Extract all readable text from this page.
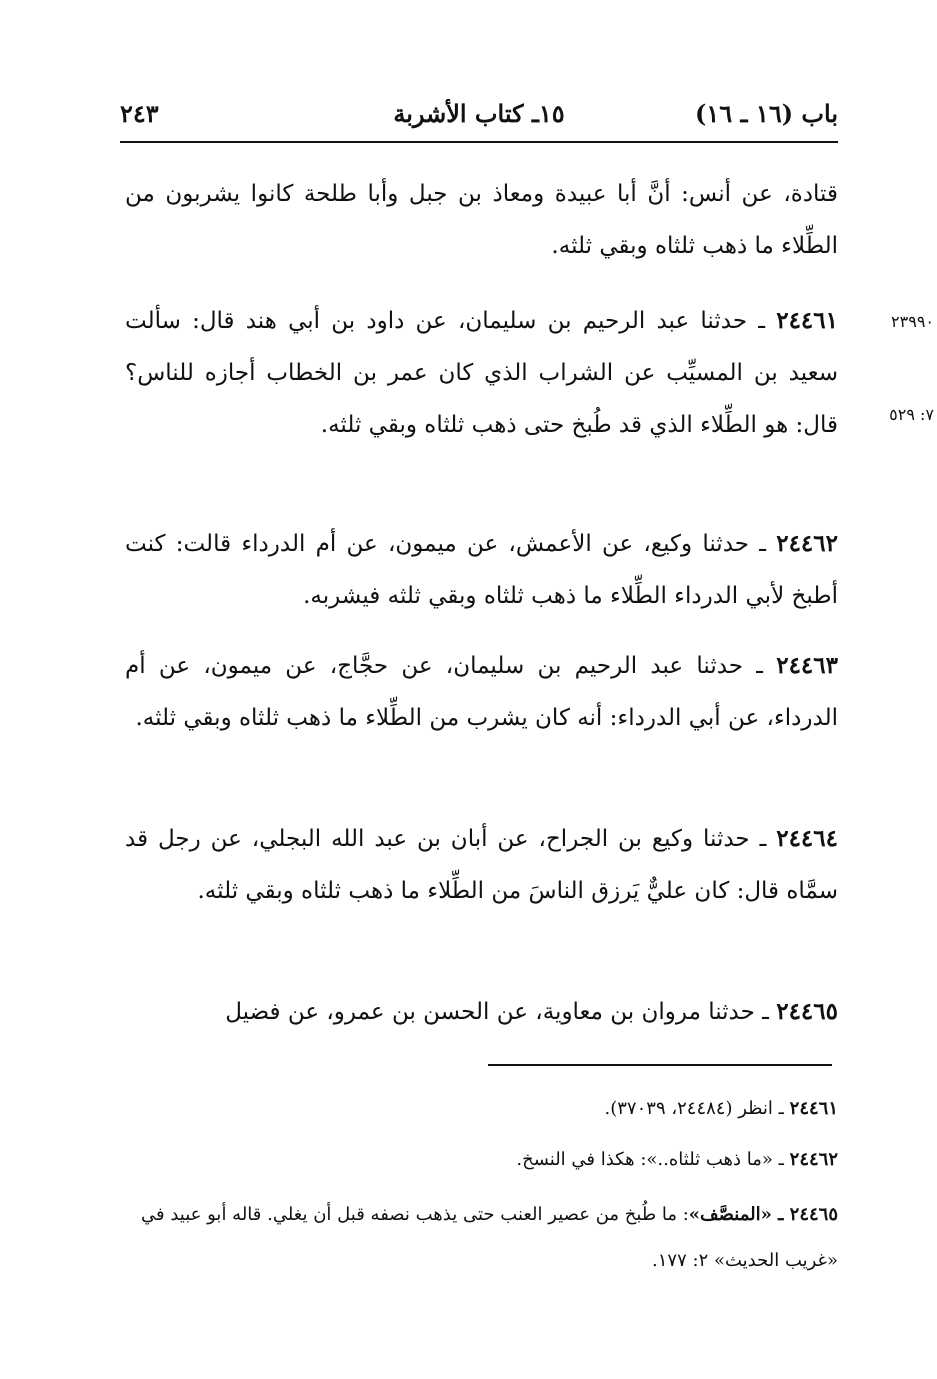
باب (١٦ ـ ١٦)
١٥ـ كتاب الأشربة
٢٤٣

قتادة، عن أنس: أنَّ أبا عبيدة ومعاذ بن جبل وأبا طلحة كانوا يشربون من الطِّلاء ما ذهب ثلثاه وبقي ثلثه.

٢٣٩٩٠

٢٤٤٦١ ـ حدثنا عبد الرحيم بن سليمان، عن داود بن أبي هند قال: سألت سعيد بن المسيِّب عن الشراب الذي كان عمر بن الخطاب أجازه للناس؟ قال: هو الطِّلاء الذي قد طُبخ حتى ذهب ثلثاه وبقي ثلثه.	٧: ٥٢٩

٢٤٤٦٢ ـ حدثنا وكيع، عن الأعمش، عن ميمون، عن أم الدرداء قالت: كنت أطبخ لأبي الدرداء الطِّلاء ما ذهب ثلثاه وبقي ثلثه فيشربه.

٢٤٤٦٣ ـ حدثنا عبد الرحيم بن سليمان، عن حجَّاج، عن ميمون، عن أم الدرداء، عن أبي الدرداء: أنه كان يشرب من الطِّلاء ما ذهب ثلثاه وبقي ثلثه.

٢٤٤٦٤ ـ حدثنا وكيع بن الجراح، عن أبان بن عبد الله البجلي، عن رجل قد سمَّاه قال: كان عليٌّ يَرزق الناسَ من الطِّلاء ما ذهب ثلثاه وبقي ثلثه.

٢٤٤٦٥ ـ حدثنا مروان بن معاوية، عن الحسن بن عمرو، عن فضيل

٢٤٤٦١ ـ انظر (٢٤٤٨٤، ٣٧٠٣٩).

٢٤٤٦٢ ـ «ما ذهب ثلثاه..»: هكذا في النسخ.

٢٤٤٦٥ ـ «المنصَّف»: ما طُبخ من عصير العنب حتى يذهب نصفه قبل أن يغلي. قاله أبو عبيد في «غريب الحديث» ٢: ١٧٧.
